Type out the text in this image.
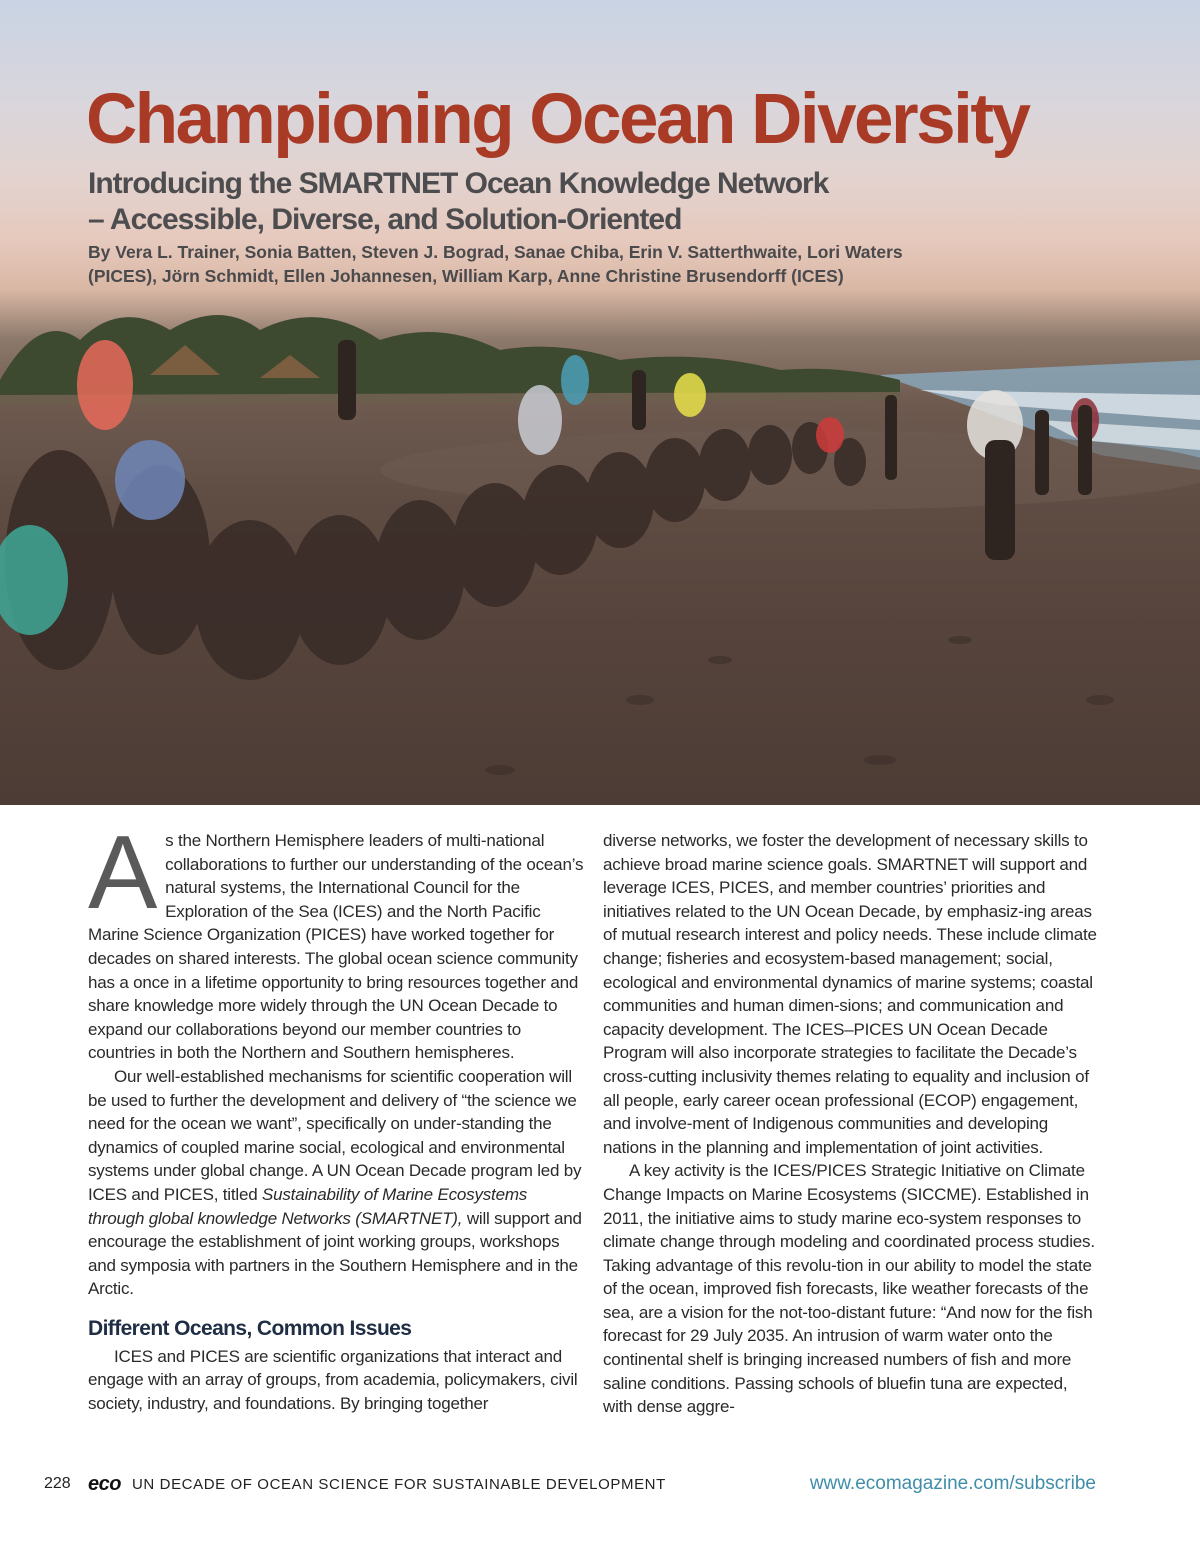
Championing Ocean Diversity
Introducing the SMARTNET Ocean Knowledge Network
– Accessible, Diverse, and Solution-Oriented
By Vera L. Trainer, Sonia Batten, Steven J. Bograd, Sanae Chiba, Erin V. Satterthwaite, Lori Waters
(PICES), Jörn Schmidt, Ellen Johannesen, William Karp, Anne Christine Brusendorff (ICES)

As the Northern Hemisphere leaders of multi-national collaborations to further our understanding of the ocean’s natural systems, the International Council for the Exploration of the Sea (ICES) and the North Pacific Marine Science Organization (PICES) have worked together for decades on shared interests. The global ocean science community has a once in a lifetime opportunity to bring resources together and share knowledge more widely through the UN Ocean Decade to expand our collaborations beyond our member countries to countries in both the Northern and Southern hemispheres.

Our well-established mechanisms for scientific cooperation will be used to further the development and delivery of “the science we need for the ocean we want”, specifically on under-standing the dynamics of coupled marine social, ecological and environmental systems under global change. A UN Ocean Decade program led by ICES and PICES, titled Sustainability of Marine Ecosystems through global knowledge Networks (SMARTNET), will support and encourage the establishment of joint working groups, workshops and symposia with partners in the Southern Hemisphere and in the Arctic.

Different Oceans, Common Issues

ICES and PICES are scientific organizations that interact and engage with an array of groups, from academia, policymakers, civil society, industry, and foundations. By bringing together

diverse networks, we foster the development of necessary skills to achieve broad marine science goals. SMARTNET will support and leverage ICES, PICES, and member countries’ priorities and initiatives related to the UN Ocean Decade, by emphasiz-ing areas of mutual research interest and policy needs. These include climate change; fisheries and ecosystem-based management; social, ecological and environmental dynamics of marine systems; coastal communities and human dimen-sions; and communication and capacity development. The ICES–PICES UN Ocean Decade Program will also incorporate strategies to facilitate the Decade’s cross-cutting inclusivity themes relating to equality and inclusion of all people, early career ocean professional (ECOP) engagement, and involve-ment of Indigenous communities and developing nations in the planning and implementation of joint activities.

A key activity is the ICES/PICES Strategic Initiative on Climate Change Impacts on Marine Ecosystems (SICCME). Established in 2011, the initiative aims to study marine eco-system responses to climate change through modeling and coordinated process studies. Taking advantage of this revolu-tion in our ability to model the state of the ocean, improved fish forecasts, like weather forecasts of the sea, are a vision for the not-too-distant future: “And now for the fish forecast for 29 July 2035. An intrusion of warm water onto the continental shelf is bringing increased numbers of fish and more saline conditions. Passing schools of bluefin tuna are expected, with dense aggre-

228 eco UN DECADE OF OCEAN SCIENCE FOR SUSTAINABLE DEVELOPMENT	www.ecomagazine.com/subscribe
